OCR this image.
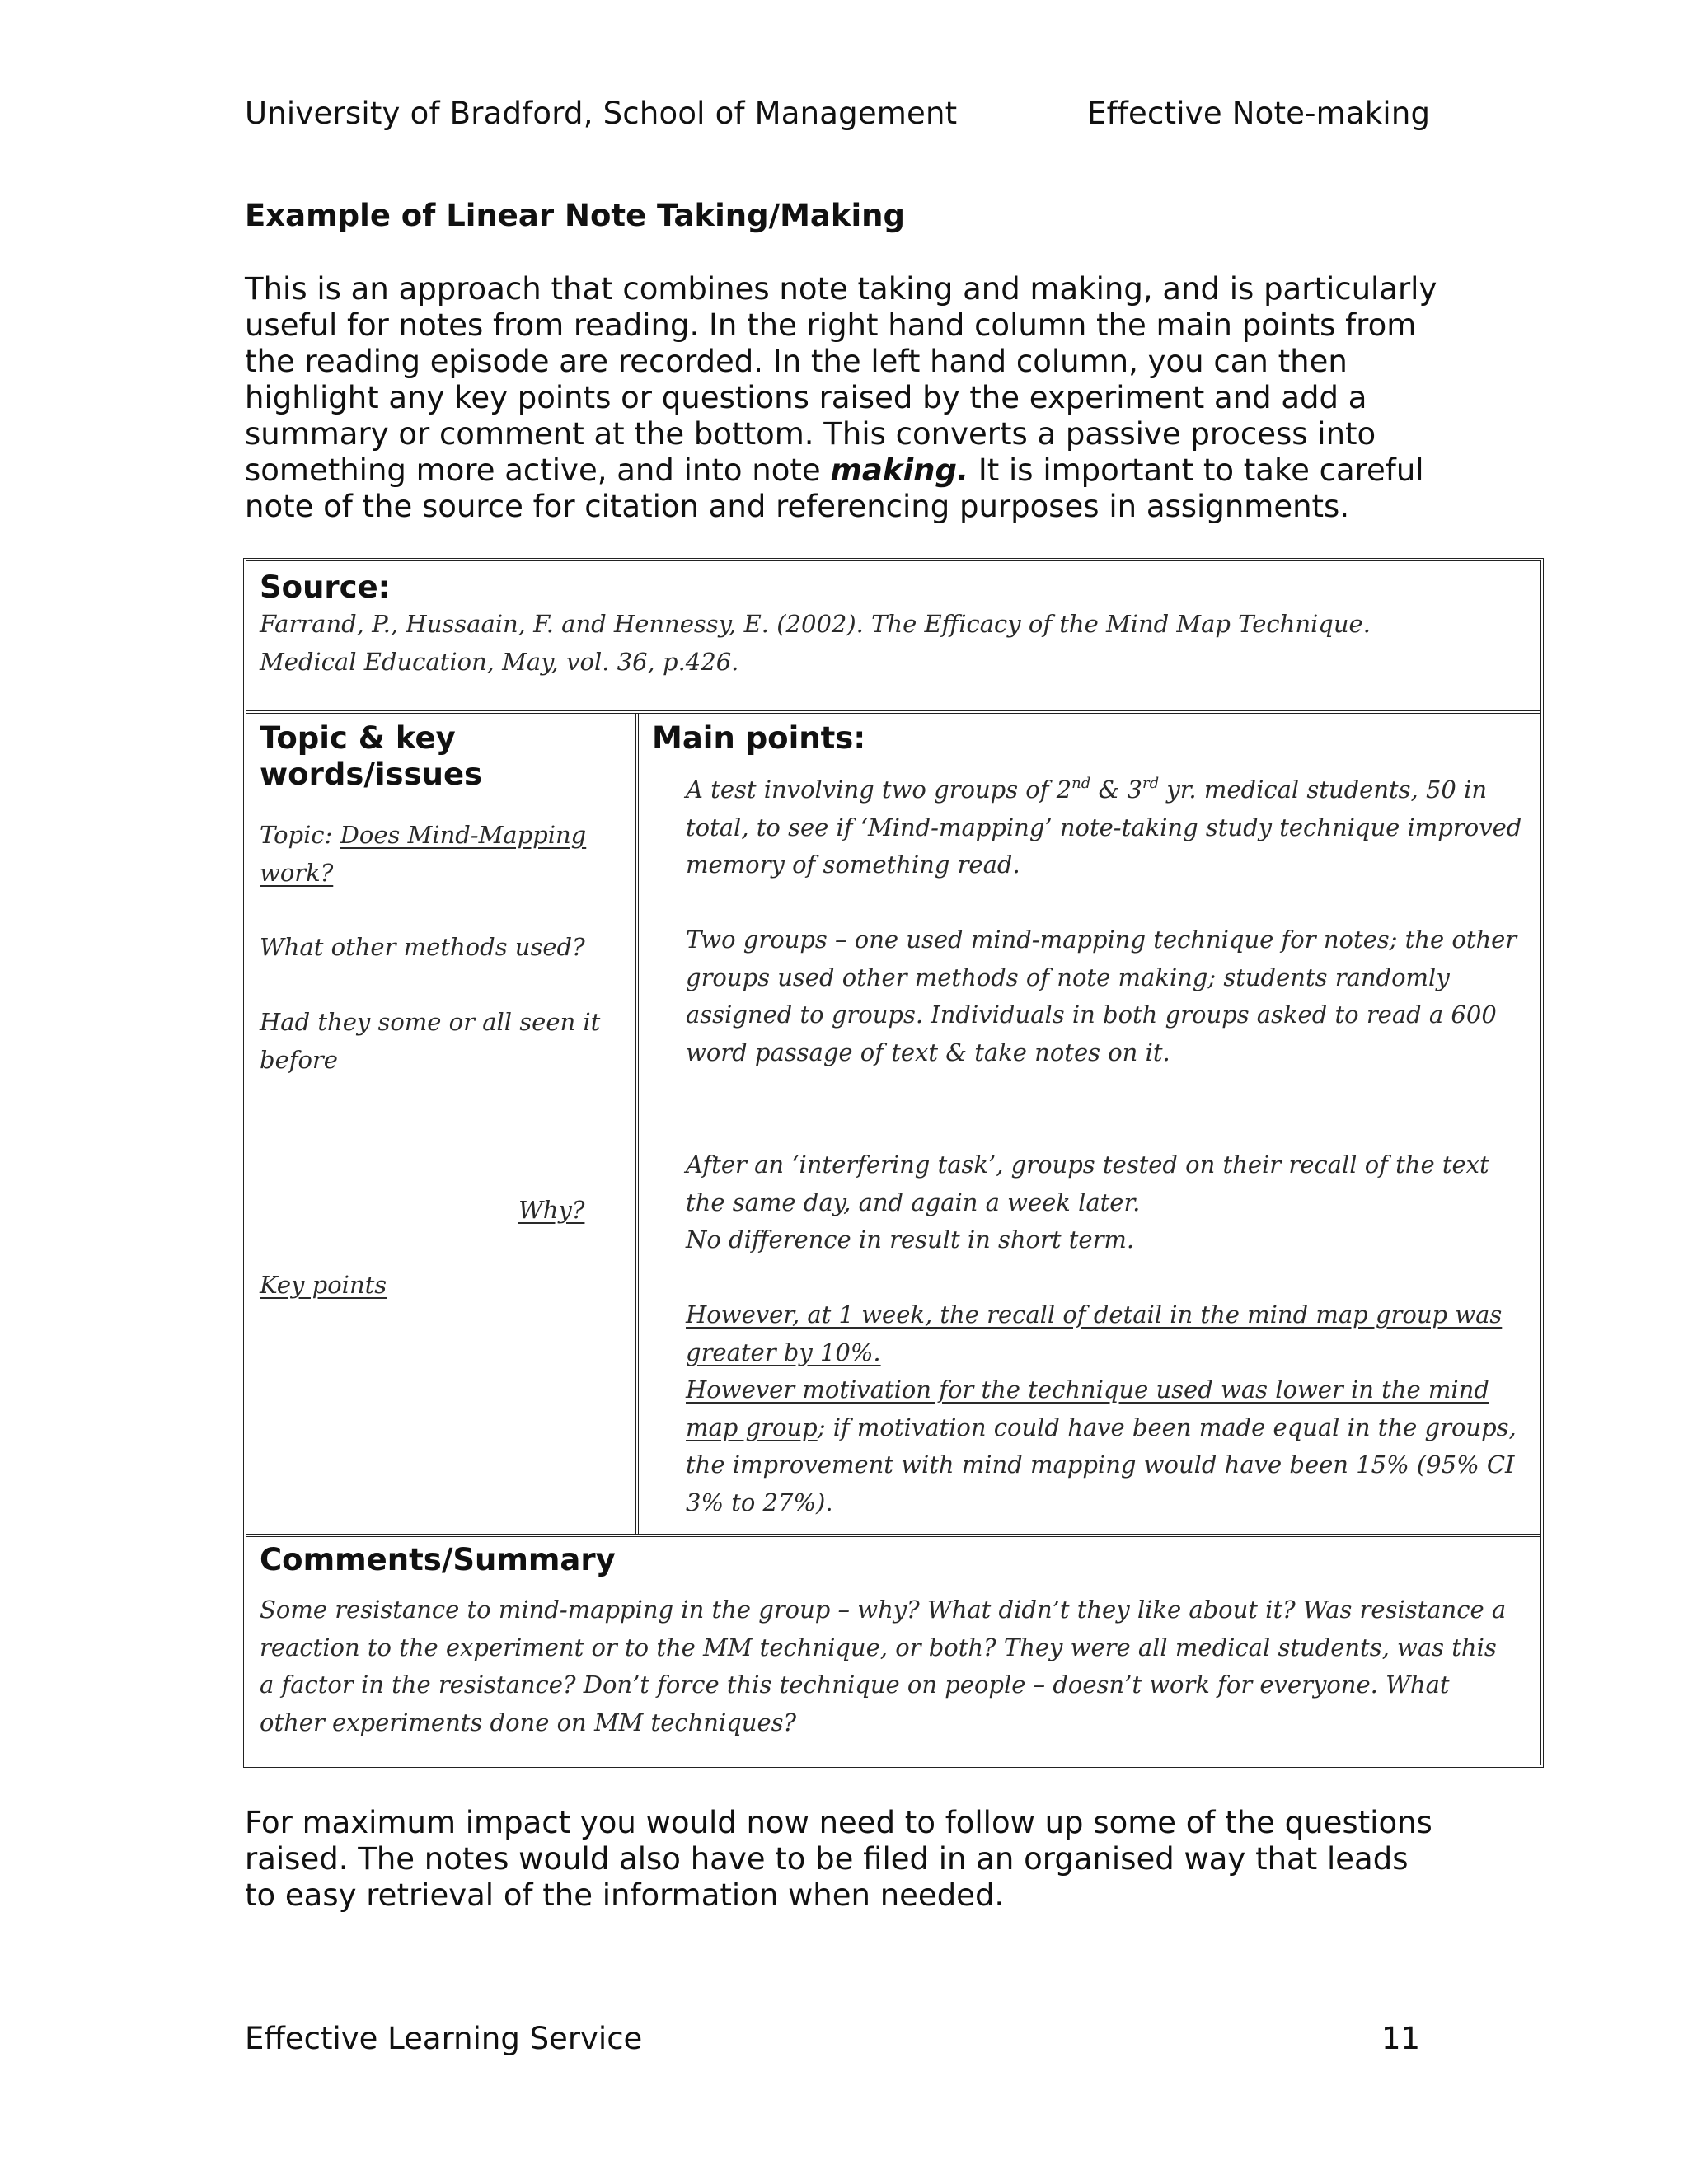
University of Bradford, School of Management	Effective Note-making
Example of Linear Note Taking/Making
This is an approach that combines note taking and making, and is particularly useful for notes from reading. In the right hand column the main points from the reading episode are recorded. In the left hand column, you can then highlight any key points or questions raised by the experiment and add a summary or comment at the bottom. This converts a passive process into something more active, and into note making. It is important to take careful note of the source for citation and referencing purposes in assignments.
Source:
Farrand, P., Hussaain, F. and Hennessy, E. (2002). The Efficacy of the Mind Map Technique.
Medical Education, May, vol. 36, p.426.
Topic & key words/issues
Topic: Does Mind-Mapping work?
What other methods used?
Had they some or all seen it before
Why?
Key points
Main points:
A test involving two groups of 2nd & 3rd yr. medical students, 50 in total, to see if ‘Mind-mapping’ note-taking study technique improved memory of something read.
Two groups – one used mind-mapping technique for notes; the other groups used other methods of note making; students randomly assigned to groups. Individuals in both groups asked to read a 600 word passage of text & take notes on it.
After an ‘interfering task’, groups tested on their recall of the text the same day, and again a week later.
No difference in result in short term.
However, at 1 week, the recall of detail in the mind map group was greater by 10%.
However motivation for the technique used was lower in the mind map group; if motivation could have been made equal in the groups, the improvement with mind mapping would have been 15% (95% CI 3% to 27%).
Comments/Summary
Some resistance to mind-mapping in the group – why? What didn’t they like about it? Was resistance a reaction to the experiment or to the MM technique, or both? They were all medical students, was this a factor in the resistance? Don’t force this technique on people – doesn’t work for everyone. What other experiments done on MM techniques?
For maximum impact you would now need to follow up some of the questions raised. The notes would also have to be filed in an organised way that leads to easy retrieval of the information when needed.
Effective Learning Service	11
